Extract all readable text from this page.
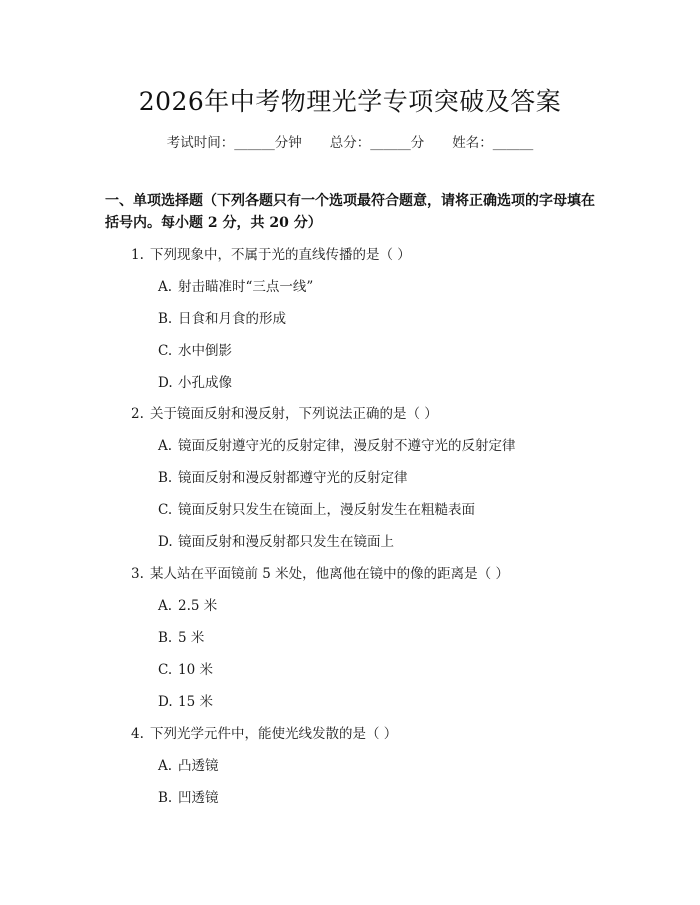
2026年中考物理光学专项突破及答案
考试时间：______分钟 总分：______分 姓名：______
一、单项选择题（下列各题只有一个选项最符合题意，请将正确选项的字母填在括号内。每小题 2 分，共 20 分）
1. 下列现象中，不属于光的直线传播的是（ ）
A. 射击瞄准时“三点一线”
B. 日食和月食的形成
C. 水中倒影
D. 小孔成像
2. 关于镜面反射和漫反射，下列说法正确的是（ ）
A. 镜面反射遵守光的反射定律，漫反射不遵守光的反射定律
B. 镜面反射和漫反射都遵守光的反射定律
C. 镜面反射只发生在镜面上，漫反射发生在粗糙表面
D. 镜面反射和漫反射都只发生在镜面上
3. 某人站在平面镜前 5 米处，他离他在镜中的像的距离是（ ）
A. 2.5 米
B. 5 米
C. 10 米
D. 15 米
4. 下列光学元件中，能使光线发散的是（ ）
A. 凸透镜
B. 凹透镜
